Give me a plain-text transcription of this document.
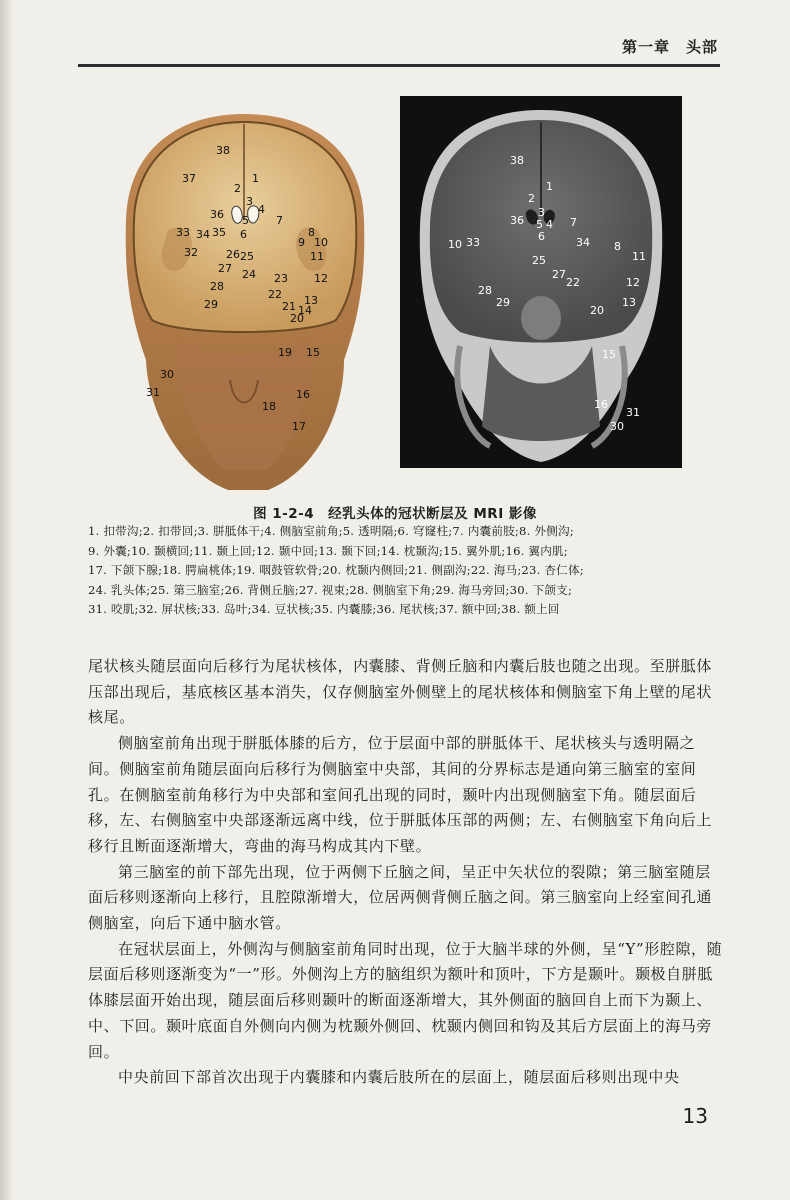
第一章　头部
38
1
37
2
3
4
36 5 7
33 34 35 6	8
9 10
32	26 25	11
27 24 23 12
28
22 13
29	21 14
20
19 15
30
31	16
18
17
38
1
2
3
36 5 4 7
6
10 33	34 8
11
25
27
22	12
28
29	13
20
15
16
31
30
图 1-2-4　经乳头体的冠状断层及 MRI 影像
1. 扣带沟;2. 扣带回;3. 胼胝体干;4. 侧脑室前角;5. 透明隔;6. 穹窿柱;7. 内囊前肢;8. 外侧沟;
9. 外囊;10. 颞横回;11. 颞上回;12. 颞中回;13. 颞下回;14. 枕颞沟;15. 翼外肌;16. 翼内肌;
17. 下颌下腺;18. 腭扁桃体;19. 咽鼓管软骨;20. 枕颞内侧回;21. 侧副沟;22. 海马;23. 杏仁体;
24. 乳头体;25. 第三脑室;26. 背侧丘脑;27. 视束;28. 侧脑室下角;29. 海马旁回;30. 下颌支;
31. 咬肌;32. 屏状核;33. 岛叶;34. 豆状核;35. 内囊膝;36. 尾状核;37. 额中回;38. 额上回

尾状核头随层面向后移行为尾状核体，内囊膝、背侧丘脑和内囊后肢也随之出现。至胼胝体压部出现后，基底核区基本消失，仅存侧脑室外侧壁上的尾状核体和侧脑室下角上壁的尾状核尾。

侧脑室前角出现于胼胝体膝的后方，位于层面中部的胼胝体干、尾状核头与透明隔之间。侧脑室前角随层面向后移行为侧脑室中央部，其间的分界标志是通向第三脑室的室间孔。在侧脑室前角移行为中央部和室间孔出现的同时，颞叶内出现侧脑室下角。随层面后移，左、右侧脑室中央部逐渐远离中线，位于胼胝体压部的两侧；左、右侧脑室下角向后上移行且断面逐渐增大，弯曲的海马构成其内下壁。

第三脑室的前下部先出现，位于两侧下丘脑之间，呈正中矢状位的裂隙；第三脑室随层面后移则逐渐向上移行，且腔隙渐增大，位居两侧背侧丘脑之间。第三脑室向上经室间孔通侧脑室，向后下通中脑水管。

在冠状层面上，外侧沟与侧脑室前角同时出现，位于大脑半球的外侧，呈“Y”形腔隙，随层面后移则逐渐变为“一”形。外侧沟上方的脑组织为额叶和顶叶，下方是颞叶。颞极自胼胝体膝层面开始出现，随层面后移则颞叶的断面逐渐增大，其外侧面的脑回自上而下为颞上、中、下回。颞叶底面自外侧向内侧为枕颞外侧回、枕颞内侧回和钩及其后方层面上的海马旁回。

中央前回下部首次出现于内囊膝和内囊后肢所在的层面上，随层面后移则出现中央

13
